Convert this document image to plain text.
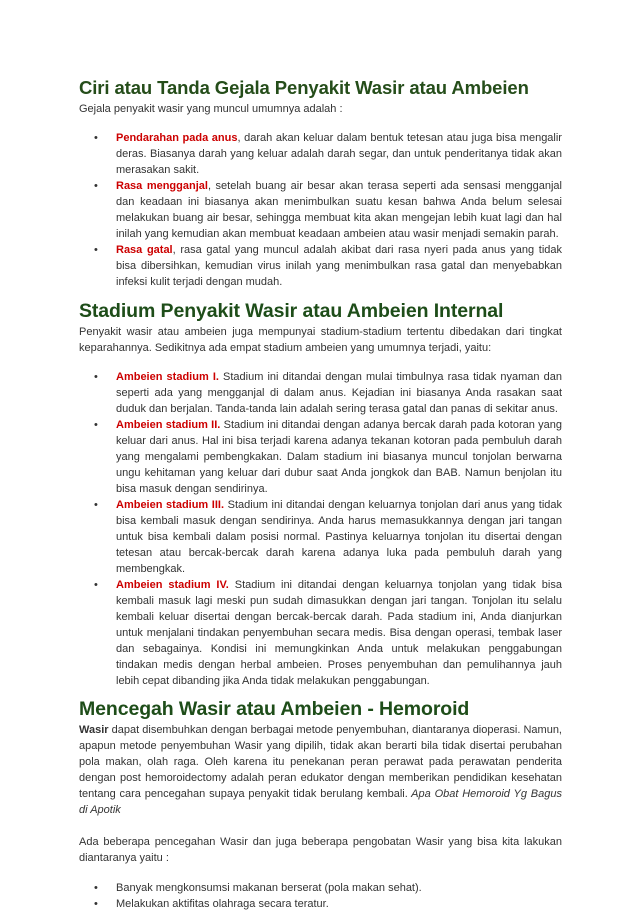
Ciri atau Tanda Gejala Penyakit Wasir atau Ambeien

Gejala penyakit wasir yang muncul umumnya adalah :

•	Pendarahan pada anus, darah akan keluar dalam bentuk tetesan atau juga bisa mengalir deras. Biasanya darah yang keluar adalah darah segar, dan untuk penderitanya tidak akan merasakan sakit.
•	Rasa mengganjal, setelah buang air besar akan terasa seperti ada sensasi mengganjal dan keadaan ini biasanya akan menimbulkan suatu kesan bahwa Anda belum selesai melakukan buang air besar, sehingga membuat kita akan mengejan lebih kuat lagi dan hal inilah yang kemudian akan membuat keadaan ambeien atau wasir menjadi semakin parah.
•	Rasa gatal, rasa gatal yang muncul adalah akibat dari rasa nyeri pada anus yang tidak bisa dibersihkan, kemudian virus inilah yang menimbulkan rasa gatal dan menyebabkan infeksi kulit terjadi dengan mudah.
Stadium Penyakit Wasir atau Ambeien Internal

Penyakit wasir atau ambeien juga mempunyai stadium-stadium tertentu dibedakan dari tingkat keparahannya. Sedikitnya ada empat stadium ambeien yang umumnya terjadi, yaitu:

•	Ambeien stadium I. Stadium ini ditandai dengan mulai timbulnya rasa tidak nyaman dan seperti ada yang mengganjal di dalam anus. Kejadian ini biasanya Anda rasakan saat duduk dan berjalan. Tanda-tanda lain adalah sering terasa gatal dan panas di sekitar anus.
•	Ambeien stadium II. Stadium ini ditandai dengan adanya bercak darah pada kotoran yang keluar dari anus. Hal ini bisa terjadi karena adanya tekanan kotoran pada pembuluh darah yang mengalami pembengkakan. Dalam stadium ini biasanya muncul tonjolan berwarna ungu kehitaman yang keluar dari dubur saat Anda jongkok dan BAB. Namun benjolan itu bisa masuk dengan sendirinya.
•	Ambeien stadium III. Stadium ini ditandai dengan keluarnya tonjolan dari anus yang tidak bisa kembali masuk dengan sendirinya. Anda harus memasukkannya dengan jari tangan untuk bisa kembali dalam posisi normal. Pastinya keluarnya tonjolan itu disertai dengan tetesan atau bercak-bercak darah karena adanya luka pada pembuluh darah yang membengkak.
•	Ambeien stadium IV. Stadium ini ditandai dengan keluarnya tonjolan yang tidak bisa kembali masuk lagi meski pun sudah dimasukkan dengan jari tangan. Tonjolan itu selalu kembali keluar disertai dengan bercak-bercak darah. Pada stadium ini, Anda dianjurkan untuk menjalani tindakan penyembuhan secara medis. Bisa dengan operasi, tembak laser dan sebagainya. Kondisi ini memungkinkan Anda untuk melakukan penggabungan tindakan medis dengan herbal ambeien. Proses penyembuhan dan pemulihannya jauh lebih cepat dibanding jika Anda tidak melakukan penggabungan.
Mencegah Wasir atau Ambeien - Hemoroid

Wasir dapat disembuhkan dengan berbagai metode penyembuhan, diantaranya dioperasi. Namun, apapun metode penyembuhan Wasir yang dipilih, tidak akan berarti bila tidak disertai perubahan pola makan, olah raga. Oleh karena itu penekanan peran perawat pada perawatan penderita dengan post hemoroidectomy adalah peran edukator dengan memberikan pendidikan kesehatan tentang cara pencegahan supaya penyakit tidak berulang kembali. Apa Obat Hemoroid Yg Bagus di Apotik

Ada beberapa pencegahan Wasir dan juga beberapa pengobatan Wasir yang bisa kita lakukan diantaranya yaitu :

•	Banyak mengkonsumsi makanan berserat (pola makan sehat).
•	Melakukan aktifitas olahraga secara teratur.
